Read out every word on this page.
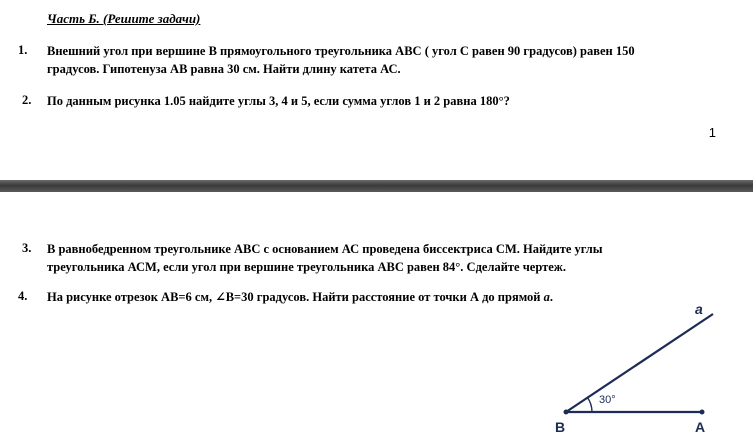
Часть Б. (Решите задачи)
1. Внешний угол при вершине В прямоугольного треугольника АВС ( угол С равен 90 градусов) равен 150
градусов. Гипотенуза АВ равна 30 см. Найти длину катета АС.
2. По данным рисунка 1.05 найдите углы 3, 4 и 5, если сумма углов 1 и 2 равна 180°?
1
3. В равнобедренном треугольнике АВС с основанием АС проведена биссектриса СМ. Найдите углы
треугольника АСМ, если угол при вершине треугольника АВС равен 84°. Сделайте чертеж.
4. На рисунке отрезок АВ=6 см, ∠В=30 градусов. Найти расстояние от точки А до прямой а.
a
30°
B	A
